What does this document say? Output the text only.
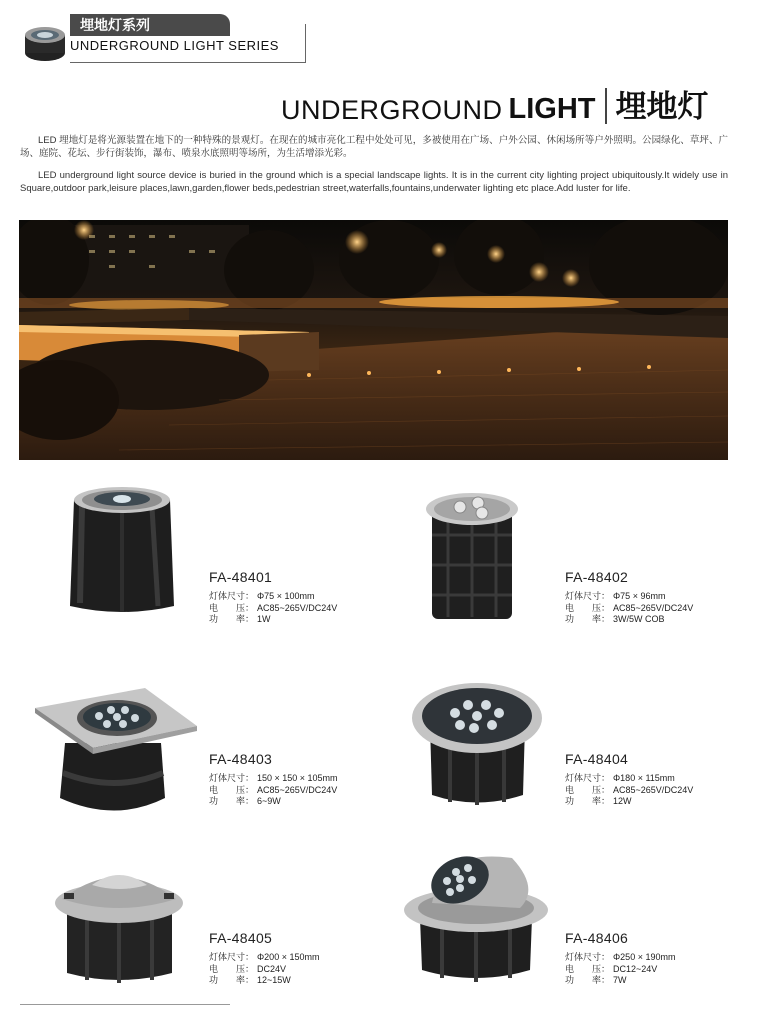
埋地灯系列
UNDERGROUND LIGHT SERIES
UNDERGROUND LIGHT 埋地灯
LED 埋地灯是将光源装置在地下的一种特殊的景观灯。在现在的城市亮化工程中处处可见，多被使用在广场、户外公园、休闲场所等户外照明。公园绿化、草坪、广场、庭院、花坛、步行街装饰，瀑布、喷泉水底照明等场所，为生活增添光彩。
LED underground light source device is buried in the ground which is a special landscape lights. It is in the current city lighting project ubiquitously.It widely use in Square,outdoor park,leisure places,lawn,garden,flower beds,pedestrian street,waterfalls,fountains,underwater lighting etc place.Add luster for life.
FA-48401
灯体尺寸： Φ75 × 100mm
电　　压： AC85~265V/DC24V
功　　率： 1W
FA-48402
灯体尺寸： Φ75 × 96mm
电　　压： AC85~265V/DC24V
功　　率： 3W/5W COB
FA-48403
灯体尺寸： 150 × 150 × 105mm
电　　压： AC85~265V/DC24V
功　　率： 6~9W
FA-48404
灯体尺寸： Φ180 × 115mm
电　　压： AC85~265V/DC24V
功　　率： 12W
FA-48405
灯体尺寸： Φ200 × 150mm
电　　压： DC24V
功　　率： 12~15W
FA-48406
灯体尺寸： Φ250 × 190mm
电　　压： DC12~24V
功　　率： 7W
